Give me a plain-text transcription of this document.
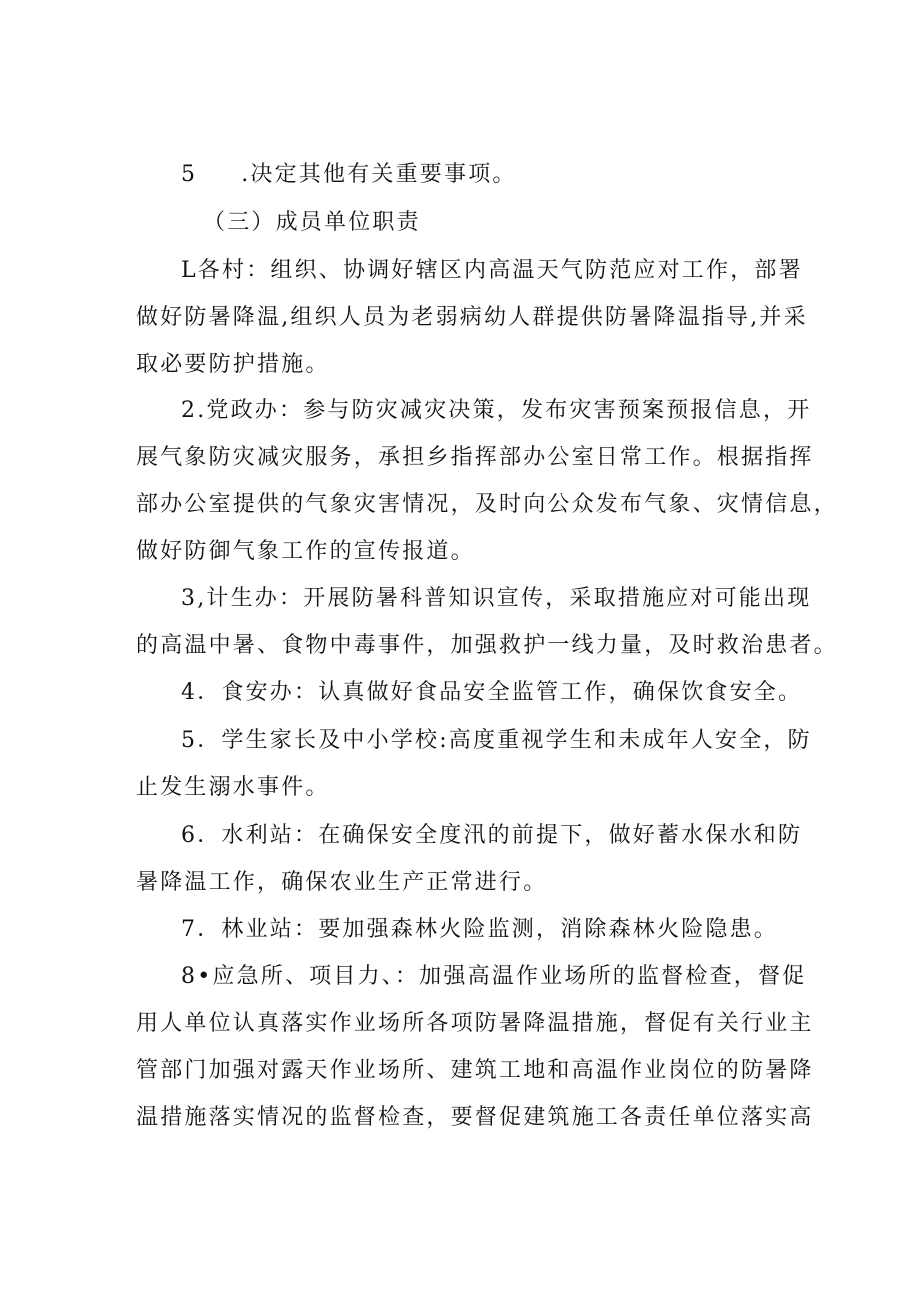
5 .决定其他有关重要事项。
（三）成员单位职责
L各村：组织、协调好辖区内高温天气防范应对工作，部署
做好防暑降温,组织人员为老弱病幼人群提供防暑降温指导,并采
取必要防护措施。
2.党政办：参与防灾减灾决策，发布灾害预案预报信息，开
展气象防灾减灾服务，承担乡指挥部办公室日常工作。根据指挥
部办公室提供的气象灾害情况，及时向公众发布气象、灾情信息，
做好防御气象工作的宣传报道。
3,计生办：开展防暑科普知识宣传，采取措施应对可能出现
的高温中暑、食物中毒事件，加强救护一线力量，及时救治患者。
4．食安办：认真做好食品安全监管工作，确保饮食安全。
5．学生家长及中小学校:高度重视学生和未成年人安全，防
止发生溺水事件。
6．水利站：在确保安全度汛的前提下，做好蓄水保水和防
暑降温工作，确保农业生产正常进行。
7．林业站：要加强森林火险监测，消除森林火险隐患。
8•应急所、项目力、：加强高温作业场所的监督检查，督促
用人单位认真落实作业场所各项防暑降温措施，督促有关行业主
管部门加强对露天作业场所、建筑工地和高温作业岗位的防暑降
温措施落实情况的监督检查，要督促建筑施工各责任单位落实高
